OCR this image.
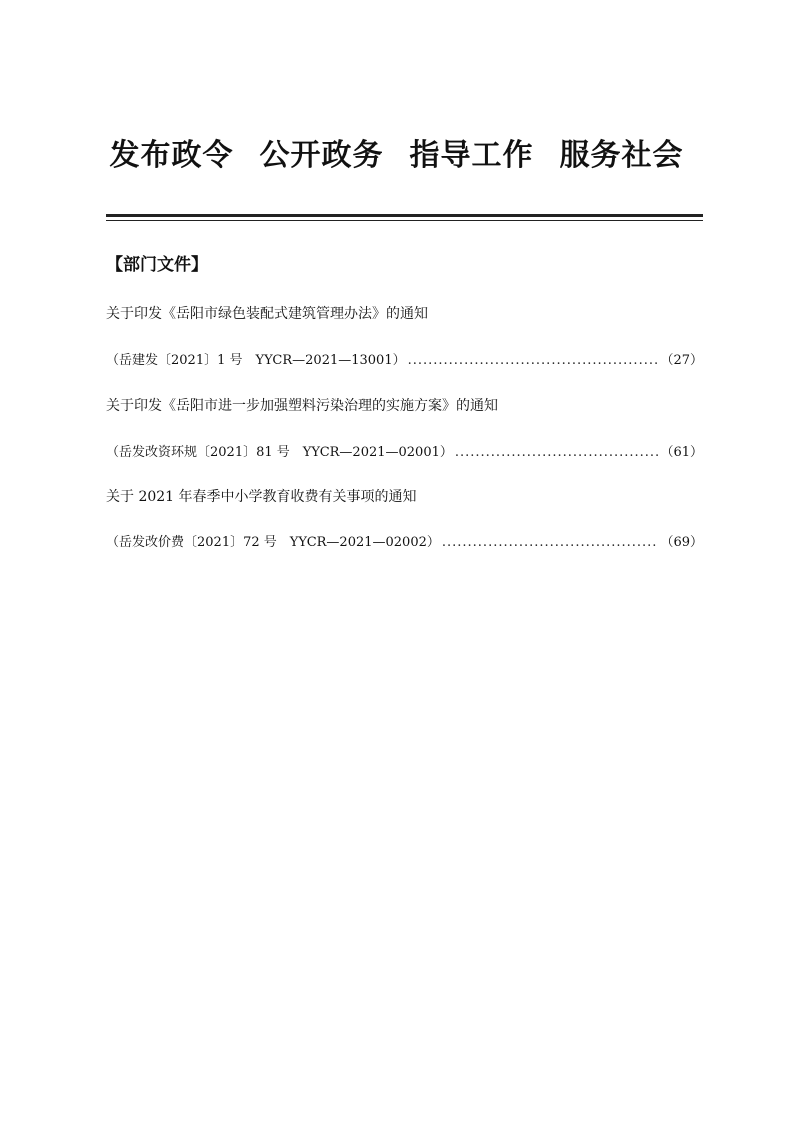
发布政令 公开政务 指导工作 服务社会
【部门文件】
关于印发《岳阳市绿色装配式建筑管理办法》的通知
（岳建发〔2021〕1 号　YYCR—2021—13001） .....	（27）
关于印发《岳阳市进一步加强塑料污染治理的实施方案》的通知
（岳发改资环规〔2021〕81 号　YYCR—2021—02001） .....	（61）
关于 2021 年春季中小学教育收费有关事项的通知
（岳发改价费〔2021〕72 号　YYCR—2021—02002） .....	（69）
